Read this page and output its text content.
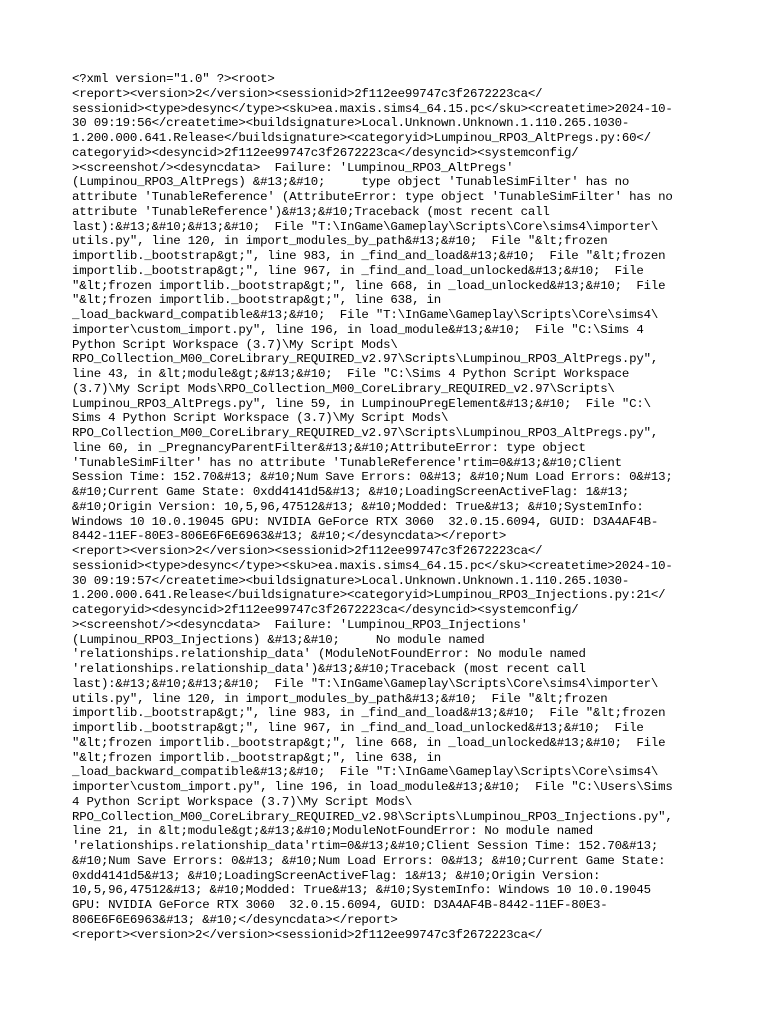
<?xml version="1.0" ?><root>
<report><version>2</version><sessionid>2f112ee99747c3f2672223ca</
sessionid><type>desync</type><sku>ea.maxis.sims4_64.15.pc</sku><createtime>2024-10-
30 09:19:56</createtime><buildsignature>Local.Unknown.Unknown.1.110.265.1030-
1.200.000.641.Release</buildsignature><categoryid>Lumpinou_RPO3_AltPregs.py:60</
categoryid><desyncid>2f112ee99747c3f2672223ca</desyncid><systemconfig/
><screenshot/><desyncdata>  Failure: 'Lumpinou_RPO3_AltPregs'
(Lumpinou_RPO3_AltPregs) &#13;&#10;     type object 'TunableSimFilter' has no
attribute 'TunableReference' (AttributeError: type object 'TunableSimFilter' has no
attribute 'TunableReference')&#13;&#10;Traceback (most recent call
last):&#13;&#10;&#13;&#10;  File "T:\InGame\Gameplay\Scripts\Core\sims4\importer\
utils.py", line 120, in import_modules_by_path&#13;&#10;  File "&lt;frozen
importlib._bootstrap&gt;", line 983, in _find_and_load&#13;&#10;  File "&lt;frozen
importlib._bootstrap&gt;", line 967, in _find_and_load_unlocked&#13;&#10;  File
"&lt;frozen importlib._bootstrap&gt;", line 668, in _load_unlocked&#13;&#10;  File
"&lt;frozen importlib._bootstrap&gt;", line 638, in
_load_backward_compatible&#13;&#10;  File "T:\InGame\Gameplay\Scripts\Core\sims4\
importer\custom_import.py", line 196, in load_module&#13;&#10;  File "C:\Sims 4
Python Script Workspace (3.7)\My Script Mods\
RPO_Collection_M00_CoreLibrary_REQUIRED_v2.97\Scripts\Lumpinou_RPO3_AltPregs.py",
line 43, in &lt;module&gt;&#13;&#10;  File "C:\Sims 4 Python Script Workspace
(3.7)\My Script Mods\RPO_Collection_M00_CoreLibrary_REQUIRED_v2.97\Scripts\
Lumpinou_RPO3_AltPregs.py", line 59, in LumpinouPregElement&#13;&#10;  File "C:\
Sims 4 Python Script Workspace (3.7)\My Script Mods\
RPO_Collection_M00_CoreLibrary_REQUIRED_v2.97\Scripts\Lumpinou_RPO3_AltPregs.py",
line 60, in _PregnancyParentFilter&#13;&#10;AttributeError: type object
'TunableSimFilter' has no attribute 'TunableReference'rtim=0&#13;&#10;Client
Session Time: 152.70&#13; &#10;Num Save Errors: 0&#13; &#10;Num Load Errors: 0&#13;
&#10;Current Game State: 0xdd4141d5&#13; &#10;LoadingScreenActiveFlag: 1&#13;
&#10;Origin Version: 10,5,96,47512&#13; &#10;Modded: True&#13; &#10;SystemInfo:
Windows 10 10.0.19045 GPU: NVIDIA GeForce RTX 3060  32.0.15.6094, GUID: D3A4AF4B-
8442-11EF-80E3-806E6F6E6963&#13; &#10;</desyncdata></report>
<report><version>2</version><sessionid>2f112ee99747c3f2672223ca</
sessionid><type>desync</type><sku>ea.maxis.sims4_64.15.pc</sku><createtime>2024-10-
30 09:19:57</createtime><buildsignature>Local.Unknown.Unknown.1.110.265.1030-
1.200.000.641.Release</buildsignature><categoryid>Lumpinou_RPO3_Injections.py:21</
categoryid><desyncid>2f112ee99747c3f2672223ca</desyncid><systemconfig/
><screenshot/><desyncdata>  Failure: 'Lumpinou_RPO3_Injections'
(Lumpinou_RPO3_Injections) &#13;&#10;     No module named
'relationships.relationship_data' (ModuleNotFoundError: No module named
'relationships.relationship_data')&#13;&#10;Traceback (most recent call
last):&#13;&#10;&#13;&#10;  File "T:\InGame\Gameplay\Scripts\Core\sims4\importer\
utils.py", line 120, in import_modules_by_path&#13;&#10;  File "&lt;frozen
importlib._bootstrap&gt;", line 983, in _find_and_load&#13;&#10;  File "&lt;frozen
importlib._bootstrap&gt;", line 967, in _find_and_load_unlocked&#13;&#10;  File
"&lt;frozen importlib._bootstrap&gt;", line 668, in _load_unlocked&#13;&#10;  File
"&lt;frozen importlib._bootstrap&gt;", line 638, in
_load_backward_compatible&#13;&#10;  File "T:\InGame\Gameplay\Scripts\Core\sims4\
importer\custom_import.py", line 196, in load_module&#13;&#10;  File "C:\Users\Sims
4 Python Script Workspace (3.7)\My Script Mods\
RPO_Collection_M00_CoreLibrary_REQUIRED_v2.98\Scripts\Lumpinou_RPO3_Injections.py",
line 21, in &lt;module&gt;&#13;&#10;ModuleNotFoundError: No module named
'relationships.relationship_data'rtim=0&#13;&#10;Client Session Time: 152.70&#13;
&#10;Num Save Errors: 0&#13; &#10;Num Load Errors: 0&#13; &#10;Current Game State:
0xdd4141d5&#13; &#10;LoadingScreenActiveFlag: 1&#13; &#10;Origin Version:
10,5,96,47512&#13; &#10;Modded: True&#13; &#10;SystemInfo: Windows 10 10.0.19045
GPU: NVIDIA GeForce RTX 3060  32.0.15.6094, GUID: D3A4AF4B-8442-11EF-80E3-
806E6F6E6963&#13; &#10;</desyncdata></report>
<report><version>2</version><sessionid>2f112ee99747c3f2672223ca</
